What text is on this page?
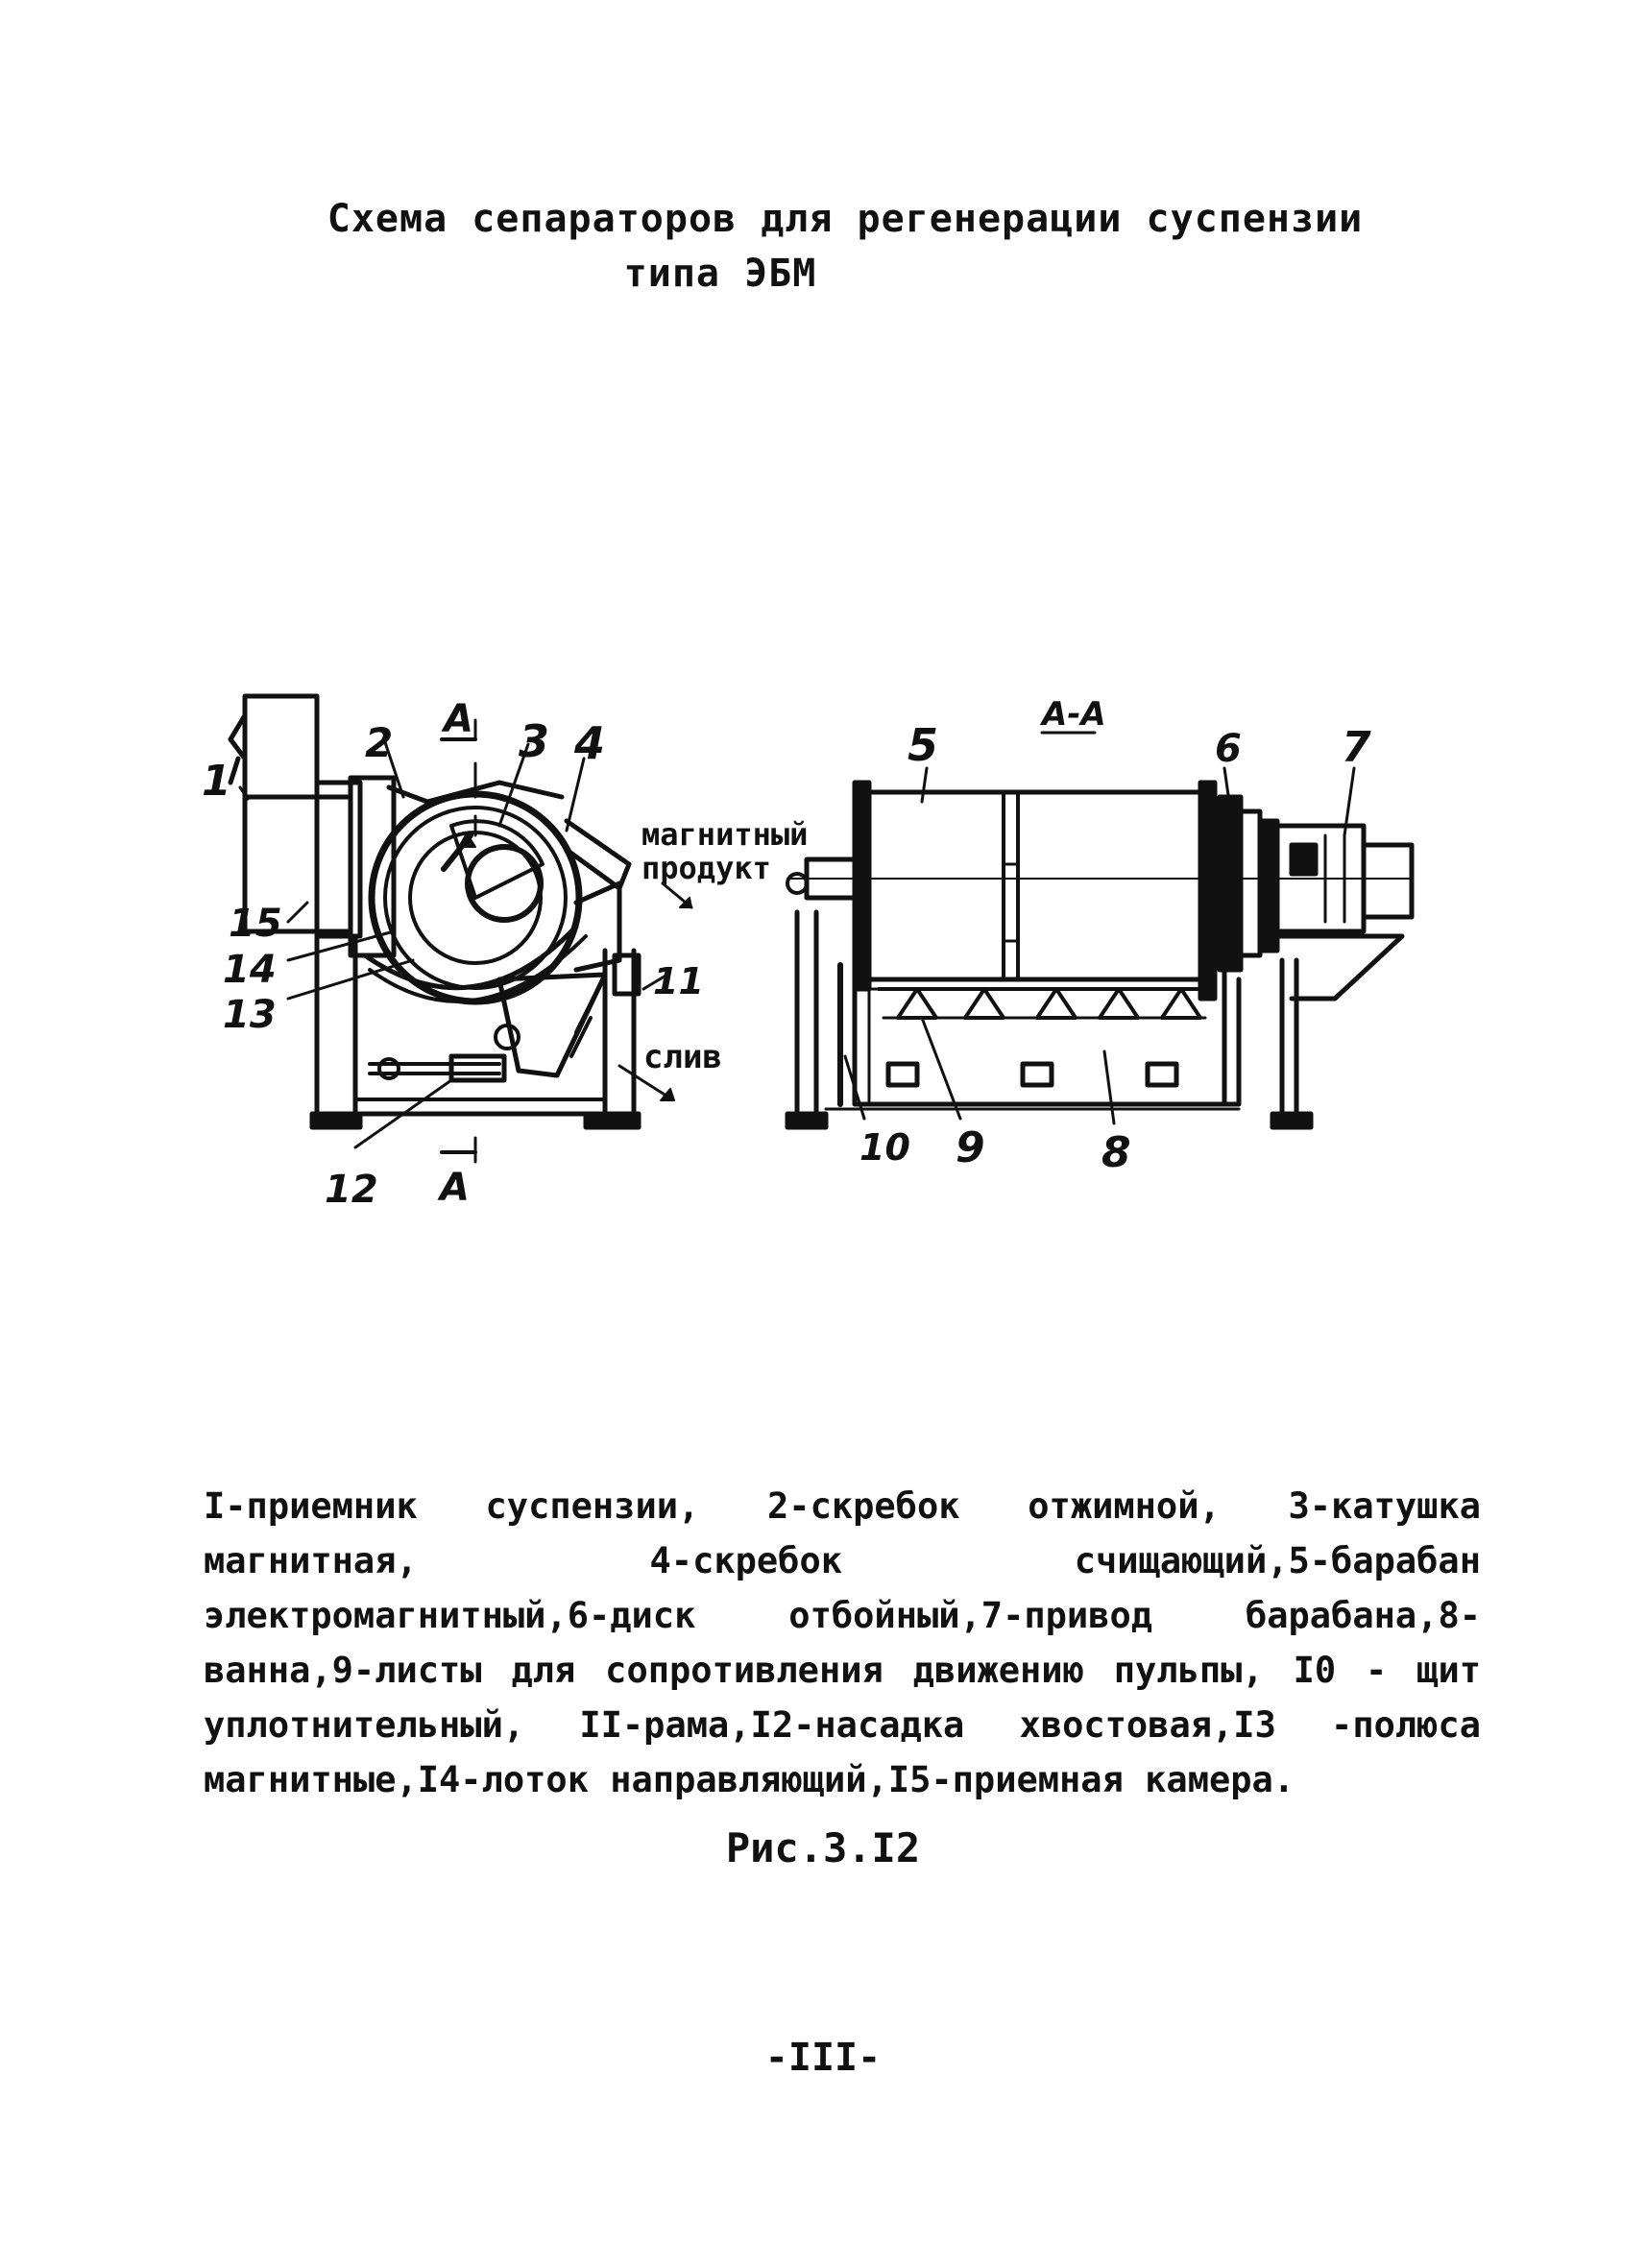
Схема сепараторов для регенерации суспензии
типа ЭБМ
1
2	3 4	5	6 7
8
9
10
11
12
13
14
15
А
А
А-А
магнитный
продукт
слив
I-приемник суспензии, 2-скребок отжимной, 3-катушка магнитная, 4-скребок счищающий,5-барабан электромагнитный,6-диск отбойный,7-привод барабана,8-ванна,9-листы для сопротивления движению пульпы, I0 - щит уплотнительный, II-рама,I2-насадка хвостовая,I3 -полюса магнитные,I4-лоток направляющий,I5-приемная камера.
Рис.3.I2
-III-
